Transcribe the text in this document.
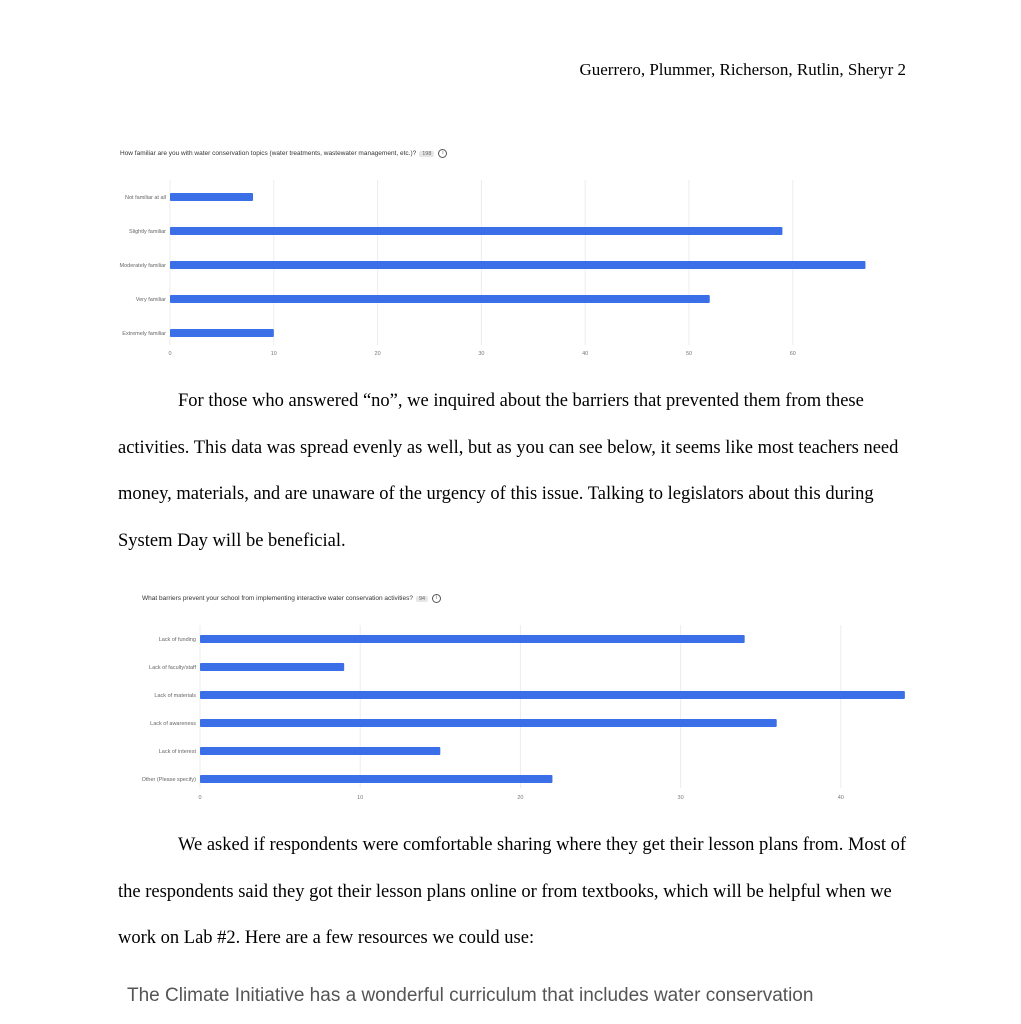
Guerrero, Plummer, Richerson, Rutlin, Sheryr 2
How familiar are you with water conservation topics (water treatments, wastewater management, etc.)? 198 i
0	10	20	30	40	50	60
Not familiar at all
Slightly familiar
Moderately familiar
Very familiar
Extremely familiar

For those who answered “no”, we inquired about the barriers that prevented them from these activities. This data was spread evenly as well, but as you can see below, it seems like most teachers need money, materials, and are unaware of the urgency of this issue. Talking to legislators about this during System Day will be beneficial.

What barriers prevent your school from implementing interactive water conservation activities? 94 i
0	10	20	30	40
Lack of funding
Lack of faculty/staff
Lack of materials
Lack of awareness
Lack of interest
Other (Please specify)

We asked if respondents were comfortable sharing where they get their lesson plans from. Most of the respondents said they got their lesson plans online or from textbooks, which will be helpful when we work on Lab #2. Here are a few resources we could use:

The Climate Initiative has a wonderful curriculum that includes water conservation
